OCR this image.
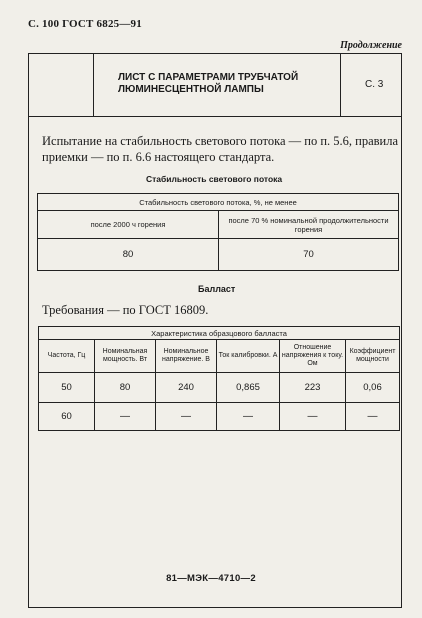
С. 100 ГОСТ 6825—91
Продолжение
ЛИСТ С ПАРАМЕТРАМИ ТРУБЧАТОЙ
ЛЮМИНЕСЦЕНТНОЙ ЛАМПЫ	С. 3
Испытание на стабильность светового потока — по п. 5.6, правила приемки — по п. 6.6 настоящего стандарта.
Стабильность светового потока
Стабильность светового потока, %, не менее	
после 2000 ч горения	после 70 % номинальной продолжительности горения
80	70
Балласт
Требования — по ГОСТ 16809.
Характеристика образцового балласта					
Частота, Гц	Номинальная мощность. Вт	Номинальное напряжение. В	Ток калибровки. А	Отношение напряжения к току. Ом	Коэффициент мощности
50	80	240	0,865	223	0,06
60	—	—	—	—	—
81—МЭК—4710—2
